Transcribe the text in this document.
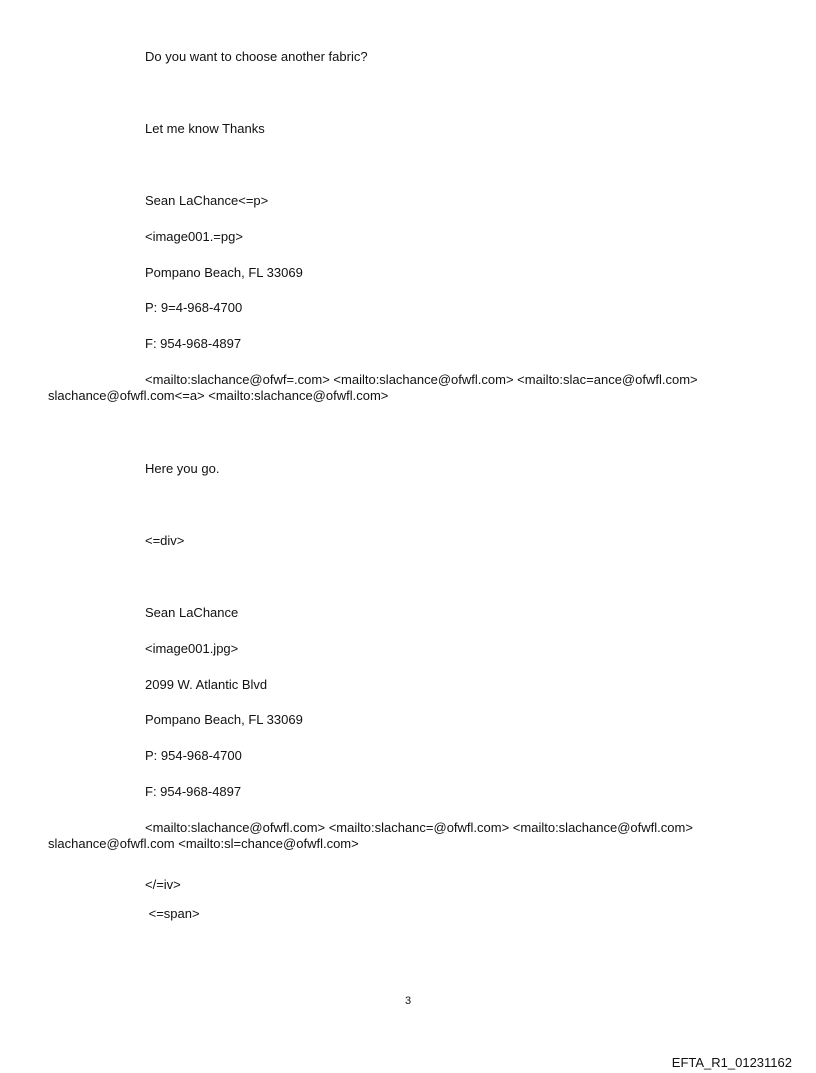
Do you want to choose another fabric?
Let me know Thanks
Sean LaChance<=p>
<image001.=pg>
Pompano Beach, FL 33069
P: 9=4-968-4700
F: 954-968-4897
<mailto:slachance@ofwf=.com> <mailto:slachance@ofwfl.com> <mailto:slac=ance@ofwfl.com> slachance@ofwfl.com<=a> <mailto:slachance@ofwfl.com>
Here you go.
<=div>
Sean LaChance
<image001.jpg>
2099 W. Atlantic Blvd
Pompano Beach, FL 33069
P: 954-968-4700
F: 954-968-4897
<mailto:slachance@ofwfl.com> <mailto:slachanc=@ofwfl.com> <mailto:slachance@ofwfl.com> slachance@ofwfl.com <mailto:sl=chance@ofwfl.com>
</=iv>
<=span>
3
EFTA_R1_01231162
